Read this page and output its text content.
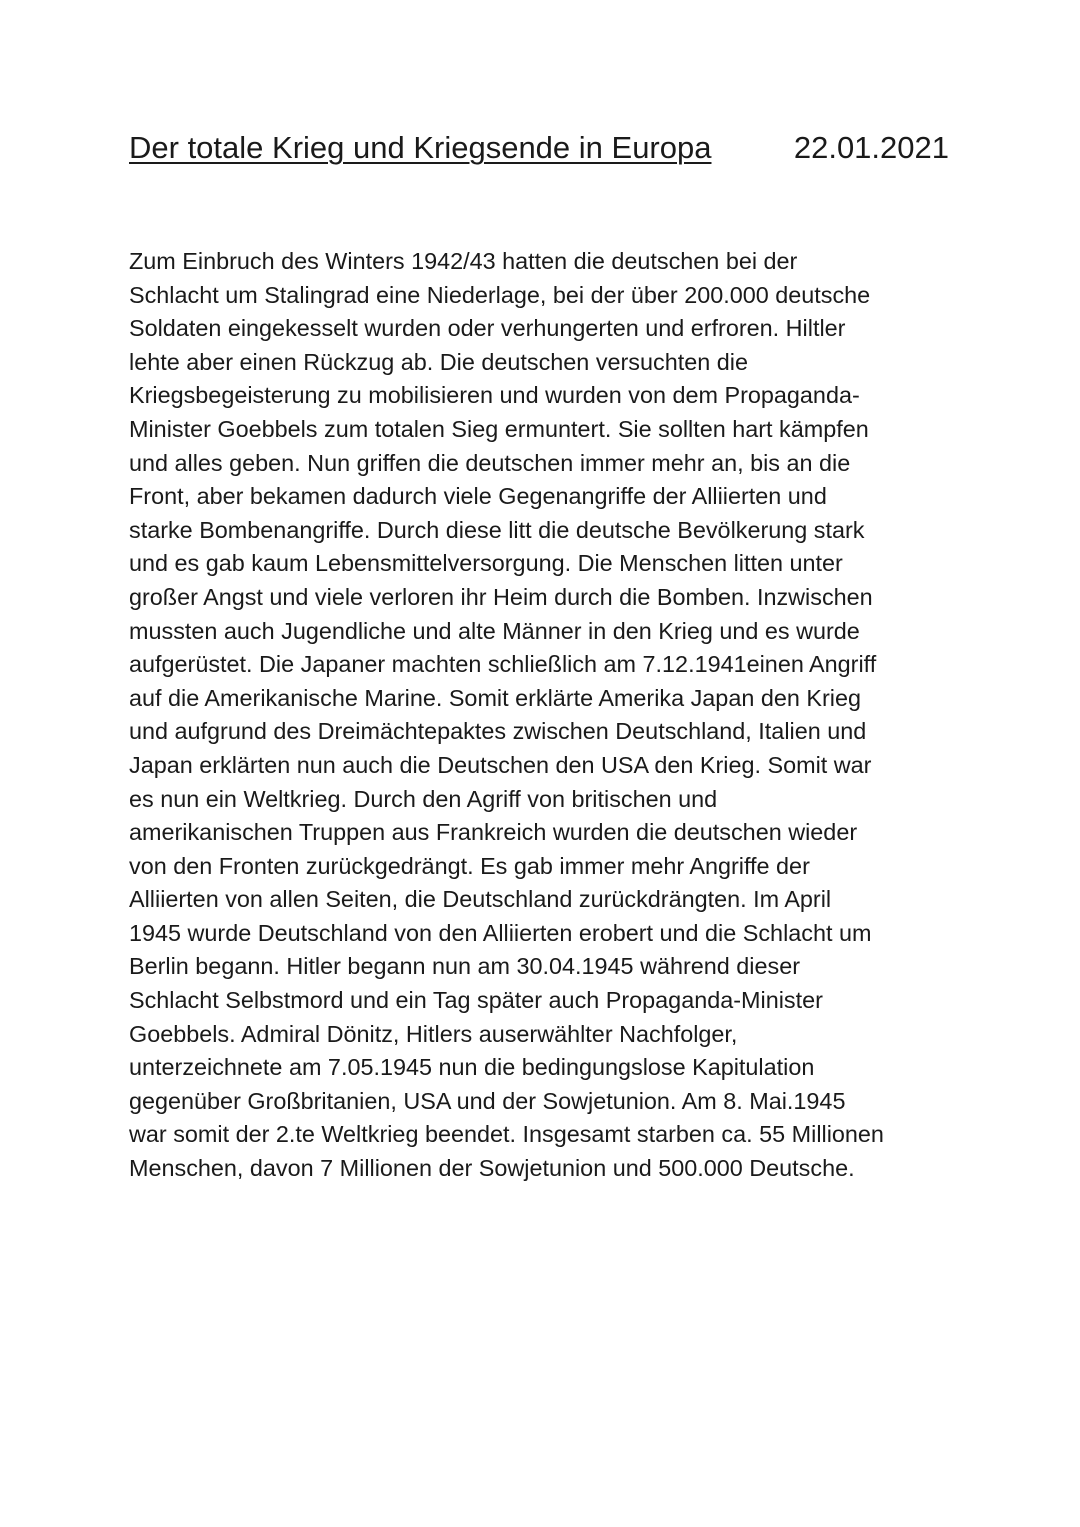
Der totale Krieg und Kriegsende in Europa	22.01.2021
Zum Einbruch des Winters 1942/43 hatten die deutschen bei der
Schlacht um Stalingrad eine Niederlage, bei der über 200.000 deutsche
Soldaten eingekesselt wurden oder verhungerten und erfroren. Hiltler
lehte aber einen Rückzug ab. Die deutschen versuchten die
Kriegsbegeisterung zu mobilisieren und wurden von dem Propaganda-
Minister Goebbels zum totalen Sieg ermuntert. Sie sollten hart kämpfen
und alles geben. Nun griffen die deutschen immer mehr an, bis an die
Front, aber bekamen dadurch viele Gegenangriffe der Alliierten und
starke Bombenangriffe. Durch diese litt die deutsche Bevölkerung stark
und es gab kaum Lebensmittelversorgung. Die Menschen litten unter
großer Angst und viele verloren ihr Heim durch die Bomben. Inzwischen
mussten auch Jugendliche und alte Männer in den Krieg und es wurde
aufgerüstet. Die Japaner machten schließlich am 7.12.1941einen Angriff
auf die Amerikanische Marine. Somit erklärte Amerika Japan den Krieg
und aufgrund des Dreimächtepaktes zwischen Deutschland, Italien und
Japan erklärten nun auch die Deutschen den USA den Krieg. Somit war
es nun ein Weltkrieg. Durch den Agriff von britischen und
amerikanischen Truppen aus Frankreich wurden die deutschen wieder
von den Fronten zurückgedrängt. Es gab immer mehr Angriffe der
Alliierten von allen Seiten, die Deutschland zurückdrängten. Im April
1945 wurde Deutschland von den Alliierten erobert und die Schlacht um
Berlin begann. Hitler begann nun am 30.04.1945 während dieser
Schlacht Selbstmord und ein Tag später auch Propaganda-Minister
Goebbels. Admiral Dönitz, Hitlers auserwählter Nachfolger,
unterzeichnete am 7.05.1945 nun die bedingungslose Kapitulation
gegenüber Großbritanien, USA und der Sowjetunion. Am 8. Mai.1945
war somit der 2.te Weltkrieg beendet. Insgesamt starben ca. 55 Millionen
Menschen, davon 7 Millionen der Sowjetunion und 500.000 Deutsche.
